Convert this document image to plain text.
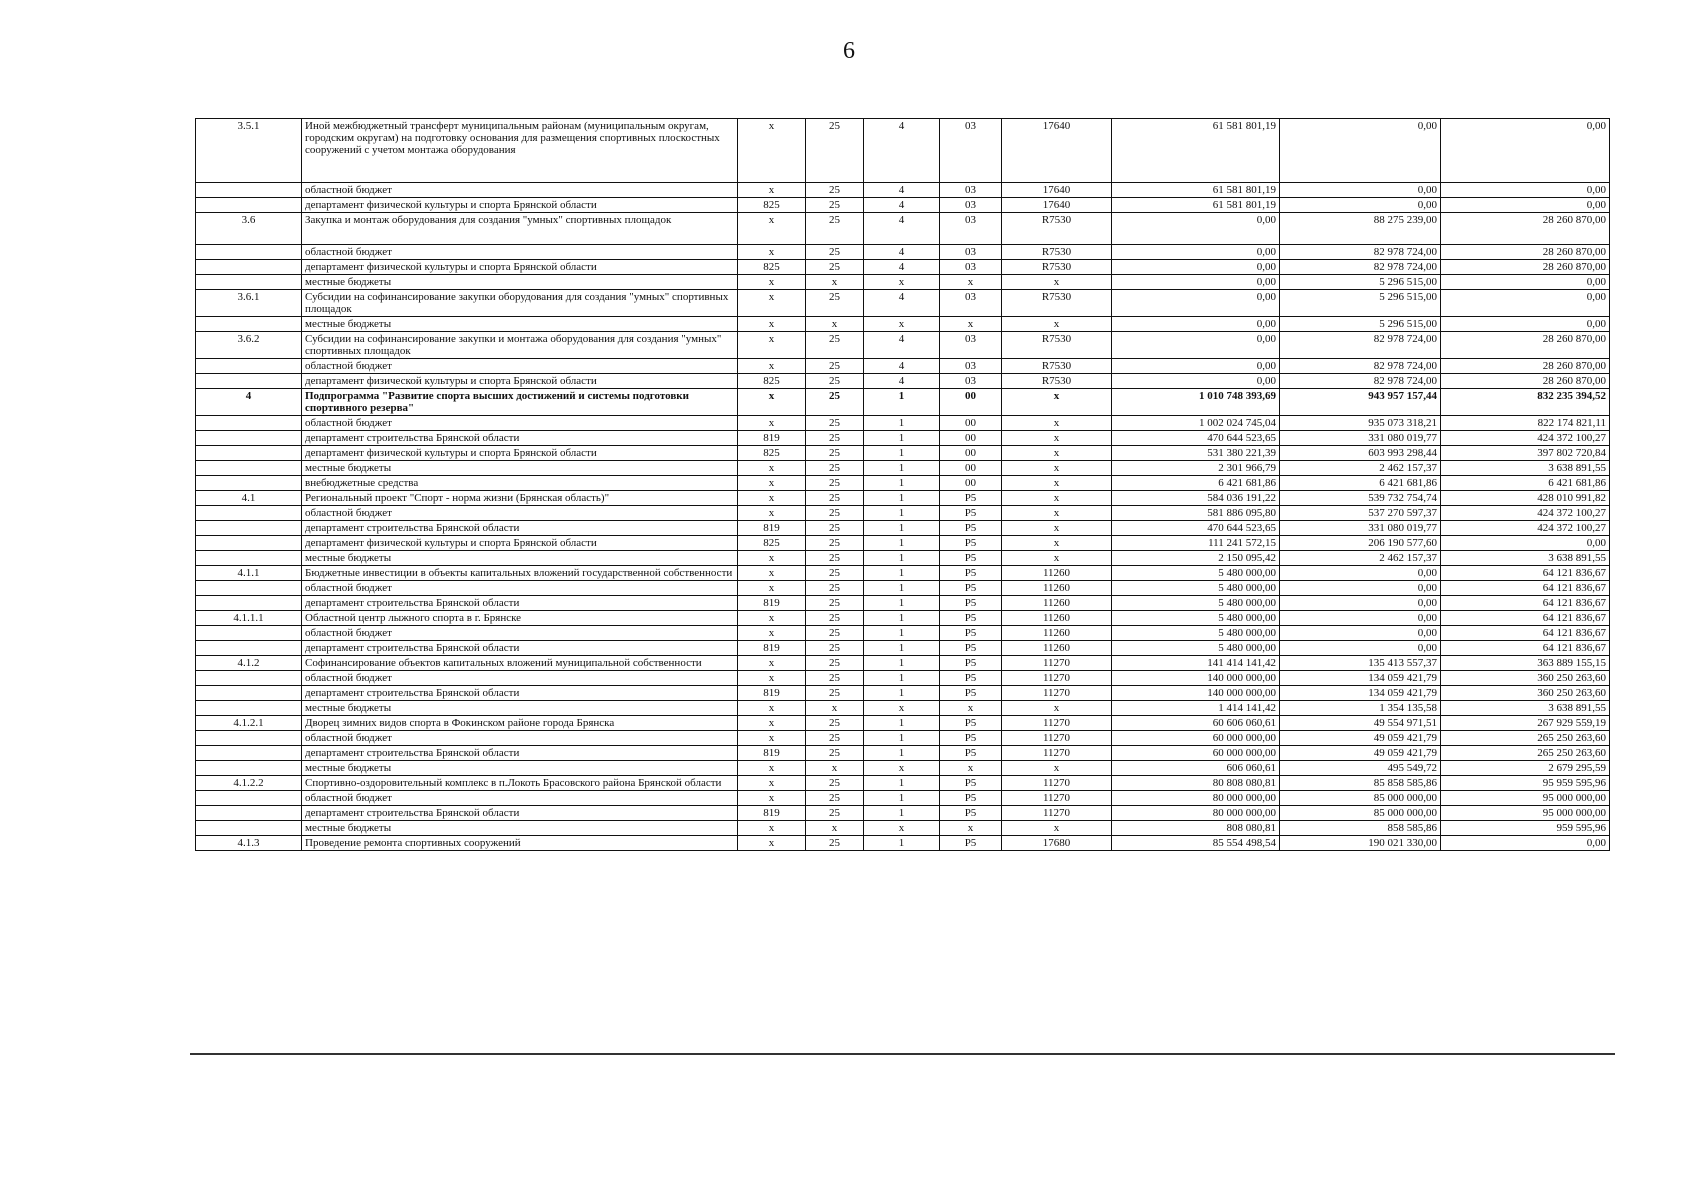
6
3.5.1	Иной межбюджетный трансферт муниципальным районам (муниципальным округам, городским округам) на подготовку основания для размещения спортивных плоскостных сооружений с учетом монтажа оборудования	х	25	4	03	17640	61 581 801,19	0,00	0,00
	областной бюджет	х	25	4	03	17640	61 581 801,19	0,00	0,00
	департамент физической культуры и спорта Брянской области	825	25	4	03	17640	61 581 801,19	0,00	0,00
3.6	Закупка и монтаж оборудования для создания "умных" спортивных площадок	х	25	4	03	R7530	0,00	88 275 239,00	28 260 870,00
	областной бюджет	х	25	4	03	R7530	0,00	82 978 724,00	28 260 870,00
	департамент физической культуры и спорта Брянской области	825	25	4	03	R7530	0,00	82 978 724,00	28 260 870,00
	местные бюджеты	х	х	х	х	х	0,00	5 296 515,00	0,00
3.6.1	Субсидии на софинансирование закупки оборудования для создания "умных" спортивных площадок	х	25	4	03	R7530	0,00	5 296 515,00	0,00
	местные бюджеты	х	х	х	х	х	0,00	5 296 515,00	0,00
3.6.2	Субсидии на софинансирование закупки и монтажа оборудования для создания "умных" спортивных площадок	х	25	4	03	R7530	0,00	82 978 724,00	28 260 870,00
	областной бюджет	х	25	4	03	R7530	0,00	82 978 724,00	28 260 870,00
	департамент физической культуры и спорта Брянской области	825	25	4	03	R7530	0,00	82 978 724,00	28 260 870,00
4	Подпрограмма "Развитие спорта высших достижений и системы подготовки спортивного резерва"	х	25	1	00	х	1 010 748 393,69	943 957 157,44	832 235 394,52
	областной бюджет	х	25	1	00	х	1 002 024 745,04	935 073 318,21	822 174 821,11
	департамент строительства Брянской области	819	25	1	00	х	470 644 523,65	331 080 019,77	424 372 100,27
	департамент физической культуры и спорта Брянской области	825	25	1	00	х	531 380 221,39	603 993 298,44	397 802 720,84
	местные бюджеты	х	25	1	00	х	2 301 966,79	2 462 157,37	3 638 891,55
	внебюджетные средства	х	25	1	00	х	6 421 681,86	6 421 681,86	6 421 681,86
4.1	Региональный проект "Спорт - норма жизни (Брянская область)"	х	25	1	P5	х	584 036 191,22	539 732 754,74	428 010 991,82
	областной бюджет	х	25	1	P5	х	581 886 095,80	537 270 597,37	424 372 100,27
	департамент строительства Брянской области	819	25	1	P5	х	470 644 523,65	331 080 019,77	424 372 100,27
	департамент физической культуры и спорта Брянской области	825	25	1	P5	х	111 241 572,15	206 190 577,60	0,00
	местные бюджеты	х	25	1	P5	х	2 150 095,42	2 462 157,37	3 638 891,55
4.1.1	Бюджетные инвестиции в объекты капитальных вложений государственной собственности	х	25	1	P5	11260	5 480 000,00	0,00	64 121 836,67
	областной бюджет	х	25	1	P5	11260	5 480 000,00	0,00	64 121 836,67
	департамент строительства Брянской области	819	25	1	P5	11260	5 480 000,00	0,00	64 121 836,67
4.1.1.1	Областной центр лыжного спорта в г. Брянске	х	25	1	P5	11260	5 480 000,00	0,00	64 121 836,67
	областной бюджет	х	25	1	P5	11260	5 480 000,00	0,00	64 121 836,67
	департамент строительства Брянской области	819	25	1	P5	11260	5 480 000,00	0,00	64 121 836,67
4.1.2	Софинансирование объектов капитальных вложений муниципальной собственности	х	25	1	P5	11270	141 414 141,42	135 413 557,37	363 889 155,15
	областной бюджет	х	25	1	P5	11270	140 000 000,00	134 059 421,79	360 250 263,60
	департамент строительства Брянской области	819	25	1	P5	11270	140 000 000,00	134 059 421,79	360 250 263,60
	местные бюджеты	х	х	х	х	х	1 414 141,42	1 354 135,58	3 638 891,55
4.1.2.1	Дворец зимних видов спорта в Фокинском районе города Брянска	х	25	1	P5	11270	60 606 060,61	49 554 971,51	267 929 559,19
	областной бюджет	х	25	1	P5	11270	60 000 000,00	49 059 421,79	265 250 263,60
	департамент строительства Брянской области	819	25	1	P5	11270	60 000 000,00	49 059 421,79	265 250 263,60
	местные бюджеты	х	х	х	х	х	606 060,61	495 549,72	2 679 295,59
4.1.2.2	Спортивно-оздоровительный комплекс в п.Локоть Брасовского района Брянской области	х	25	1	P5	11270	80 808 080,81	85 858 585,86	95 959 595,96
	областной бюджет	х	25	1	P5	11270	80 000 000,00	85 000 000,00	95 000 000,00
	департамент строительства Брянской области	819	25	1	P5	11270	80 000 000,00	85 000 000,00	95 000 000,00
	местные бюджеты	х	х	х	х	х	808 080,81	858 585,86	959 595,96
4.1.3	Проведение ремонта спортивных сооружений	х	25	1	P5	17680	85 554 498,54	190 021 330,00	0,00
